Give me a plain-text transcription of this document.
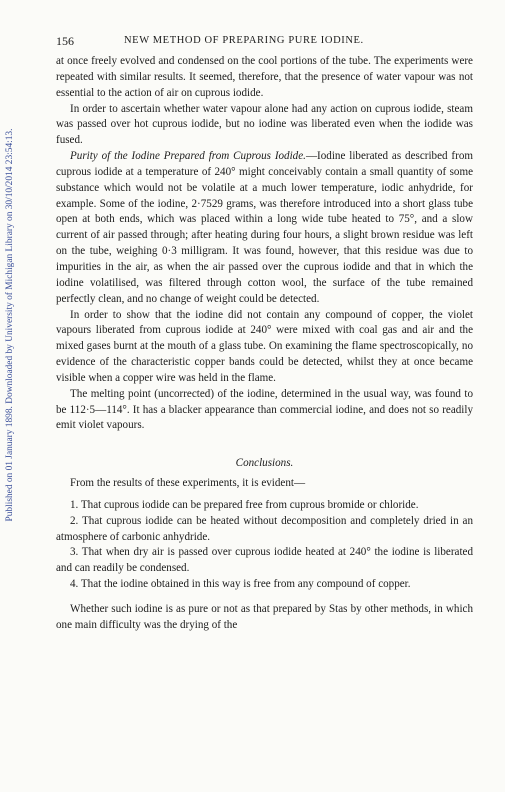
Published on 01 January 1898. Downloaded by University of Michigan Library on 30/10/2014 23:54:13.
156	NEW METHOD OF PREPARING PURE IODINE.

at once freely evolved and condensed on the cool portions of the tube. The experiments were repeated with similar results. It seemed, therefore, that the presence of water vapour was not essential to the action of air on cuprous iodide.

In order to ascertain whether water vapour alone had any action on cuprous iodide, steam was passed over hot cuprous iodide, but no iodine was liberated even when the iodide was fused.

Purity of the Iodine Prepared from Cuprous Iodide.—Iodine liberated as described from cuprous iodide at a temperature of 240° might conceivably contain a small quantity of some substance which would not be volatile at a much lower temperature, iodic anhydride, for example. Some of the iodine, 2·7529 grams, was therefore introduced into a short glass tube open at both ends, which was placed within a long wide tube heated to 75°, and a slow current of air passed through; after heating during four hours, a slight brown residue was left on the tube, weighing 0·3 milligram. It was found, however, that this residue was due to impurities in the air, as when the air passed over the cuprous iodide and that in which the iodine volatilised, was filtered through cotton wool, the surface of the tube remained perfectly clean, and no change of weight could be detected.

In order to show that the iodine did not contain any compound of copper, the violet vapours liberated from cuprous iodide at 240° were mixed with coal gas and air and the mixed gases burnt at the mouth of a glass tube. On examining the flame spectroscopically, no evidence of the characteristic copper bands could be detected, whilst they at once became visible when a copper wire was held in the flame.

The melting point (uncorrected) of the iodine, determined in the usual way, was found to be 112·5—114°. It has a blacker appearance than commercial iodine, and does not so readily emit violet vapours.

Conclusions.

From the results of these experiments, it is evident—

1. That cuprous iodide can be prepared free from cuprous bromide or chloride.

2. That cuprous iodide can be heated without decomposition and completely dried in an atmosphere of carbonic anhydride.

3. That when dry air is passed over cuprous iodide heated at 240° the iodine is liberated and can readily be condensed.

4. That the iodine obtained in this way is free from any compound of copper.

Whether such iodine is as pure or not as that prepared by Stas by other methods, in which one main difficulty was the drying of the
